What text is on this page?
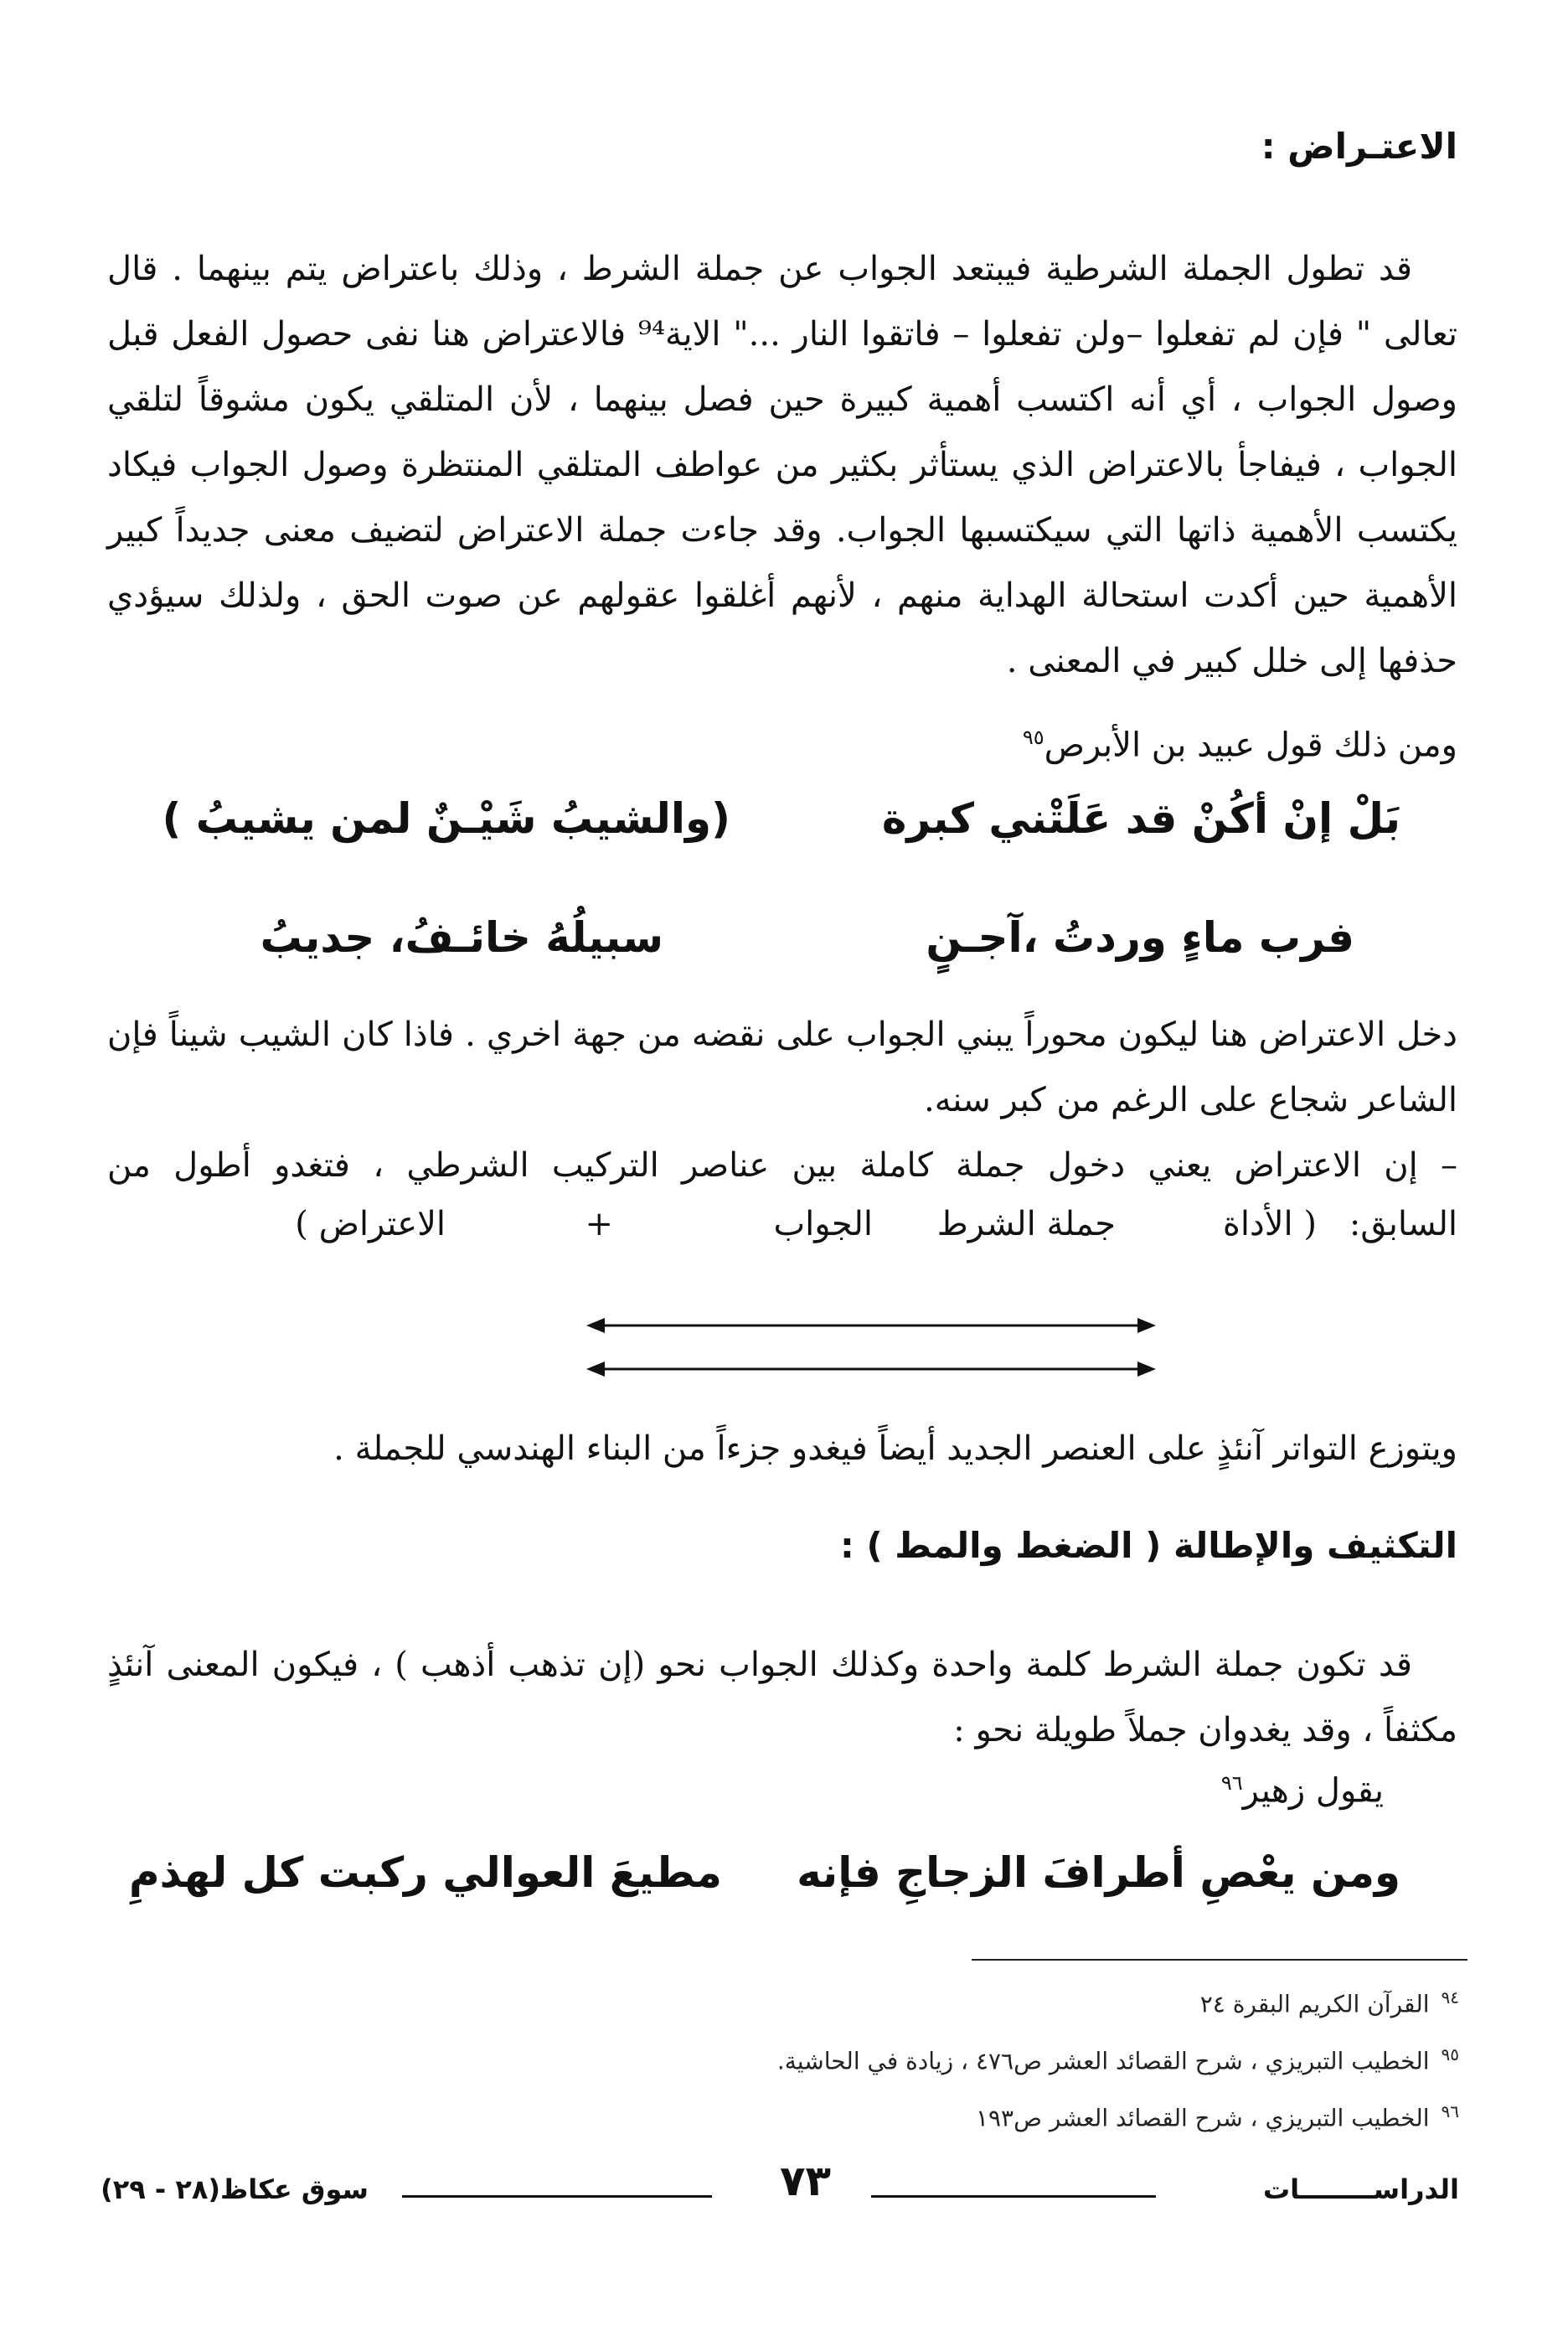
الاعتـراض :
قد تطول الجملة الشرطية فيبتعد الجواب عن جملة الشرط ، وذلك باعتراض يتم بينهما . قال تعالى " فإن لم تفعلوا –ولن تفعلوا – فاتقوا النار ..." الاية⁹⁴ فالاعتراض هنا نفى حصول الفعل قبل وصول الجواب ، أي أنه اكتسب أهمية كبيرة حين فصل بينهما ، لأن المتلقي يكون مشوقاً لتلقي الجواب ، فيفاجأ بالاعتراض الذي يستأثر بكثير من عواطف المتلقي المنتظرة وصول الجواب فيكاد يكتسب الأهمية ذاتها التي سيكتسبها الجواب. وقد جاءت جملة الاعتراض لتضيف معنى جديداً كبير الأهمية حين أكدت استحالة الهداية منهم ، لأنهم أغلقوا عقولهم عن صوت الحق ، ولذلك سيؤدي حذفها إلى خلل كبير في المعنى .
ومن ذلك قول عبيد بن الأبرص$^{٩٥}$
بَلْ إنْ أكُنْ قد عَلَتْني كبرة
(والشيبُ شَيْـنٌ لمن يشيبُ )
فرب ماءٍ وردتُ ،آجـنٍ
سبيلُهُ خائـفُ، جديبُ
دخل الاعتراض هنا ليكون محوراً يبني الجواب على نقضه من جهة اخري . فاذا كان الشيب شيناً فإن الشاعر شجاع على الرغم من كبر سنه.
– إن الاعتراض يعني دخول جملة كاملة بين عناصر التركيب الشرطي ، فتغدو أطول من
السابق:
( الأداة
جملة الشرط
الجواب
+
الاعتراض )
ويتوزع التواتر آنئذٍ على العنصر الجديد أيضاً فيغدو جزءاً من البناء الهندسي للجملة .
التكثيف والإطالة ( الضغط والمط ) :
قد تكون جملة الشرط كلمة واحدة وكذلك الجواب نحو (إن تذهب أذهب ) ، فيكون المعنى آنئذٍ مكثفاً ، وقد يغدوان جملاً طويلة نحو :
يقول زهير$^{٩٦}$
ومن يعْصِ أطرافَ الزجاجِ فإنه
مطيعَ العوالي ركبت كل لهذمِ
$^{٩٤}$القرآن الكريم البقرة ٢٤
$^{٩٥}$الخطيب التبريزي ، شرح القصائد العشر ص٤٧٦ ، زيادة في الحاشية.
$^{٩٦}$الخطيب التبريزي ، شرح القصائد العشر ص١٩٣
الدراســــــــات
٧٣
سوق عكاظ(٢٨ - ٢٩)
